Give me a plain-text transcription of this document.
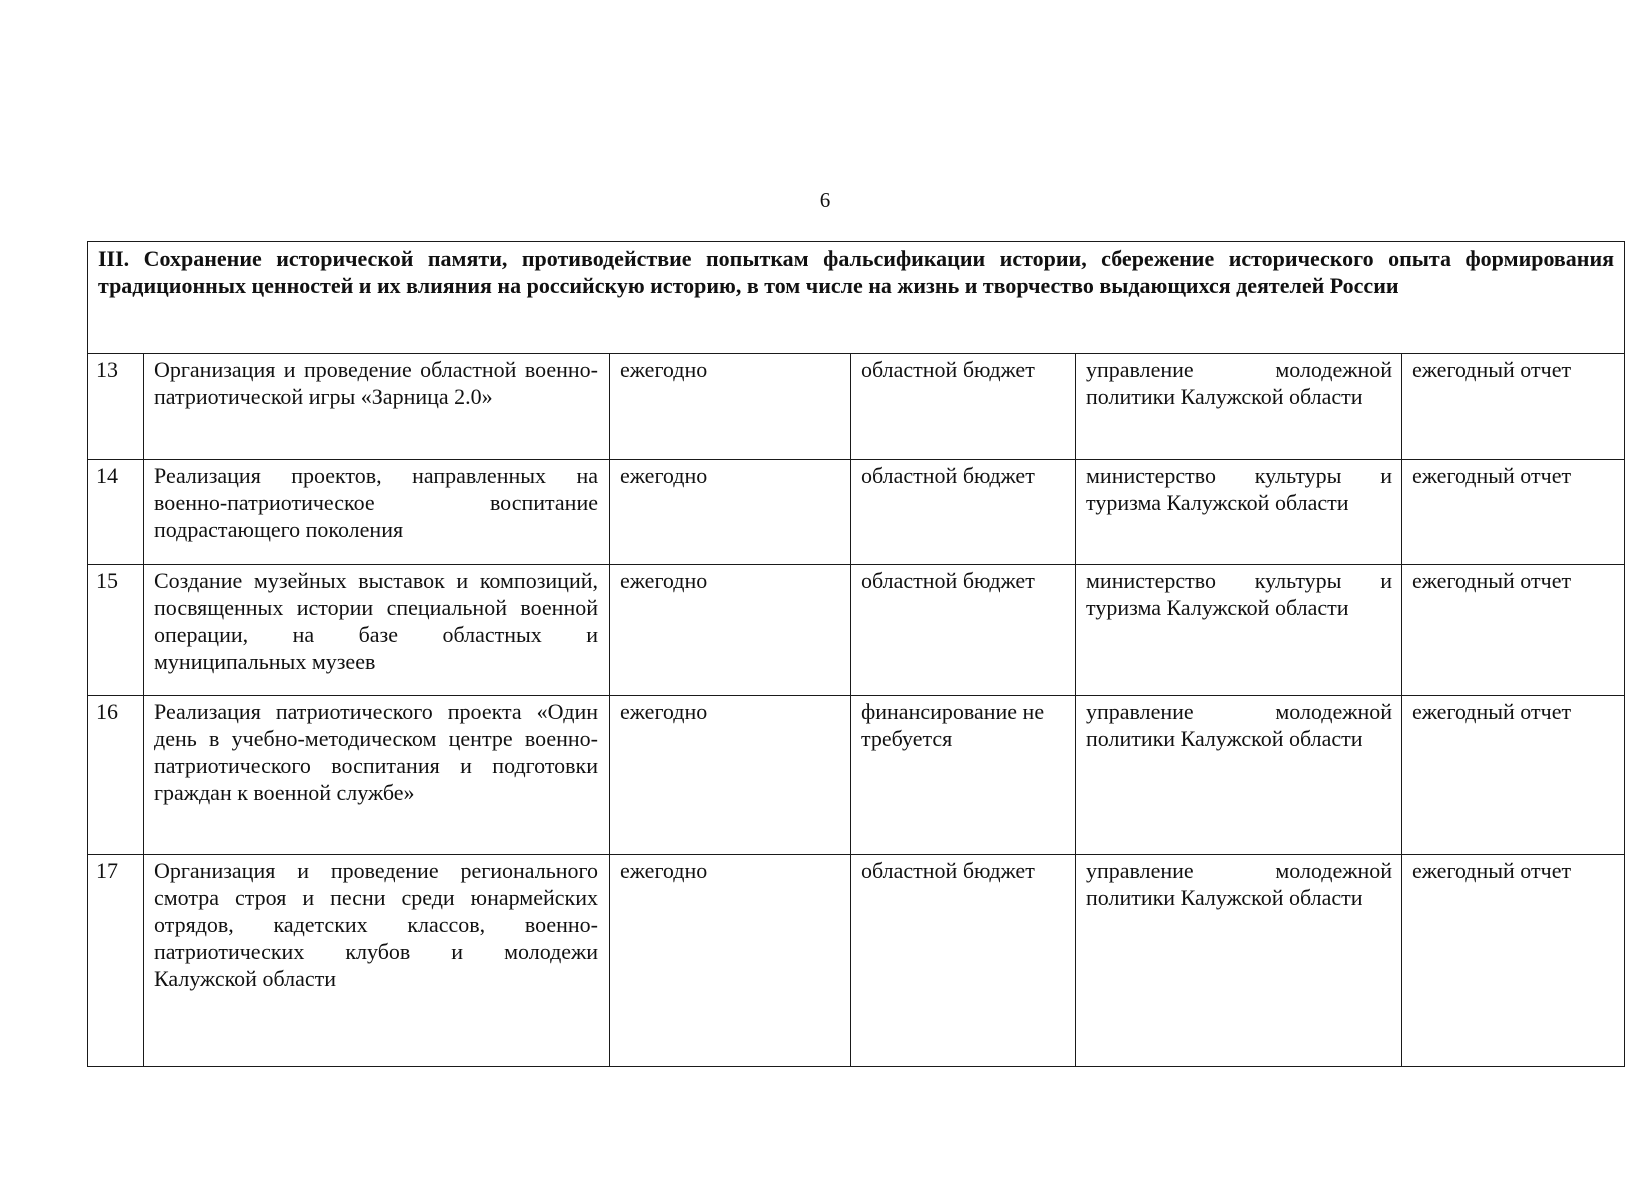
6
III. Сохранение исторической памяти, противодействие попыткам фальсификации истории, сбережение исторического опыта формирования традиционных ценностей и их влияния на российскую историю, в том числе на жизнь и творчество выдающихся деятелей России					
13	Организация и проведение областной военно-патриотической игры «Зарница 2.0»	ежегодно	областной бюджет	управление молодежной политики Калужской области	ежегодный отчет
14	Реализация проектов, направленных на военно-патриотическое воспитание подрастающего поколения	ежегодно	областной бюджет	министерство культуры и туризма Калужской области	ежегодный отчет
15	Создание музейных выставок и композиций, посвященных истории специальной военной операции, на базе областных и муниципальных музеев	ежегодно	областной бюджет	министерство культуры и туризма Калужской области	ежегодный отчет
16	Реализация патриотического проекта «Один день в учебно-методическом центре военно-патриотического воспитания и подготовки граждан к военной службе»	ежегодно	финансирование не требуется	управление молодежной политики Калужской области	ежегодный отчет
17	Организация и проведение регионального смотра строя и песни среди юнармейских отрядов, кадетских классов, военно-патриотических клубов и молодежи Калужской области	ежегодно	областной бюджет	управление молодежной политики Калужской области	ежегодный отчет
